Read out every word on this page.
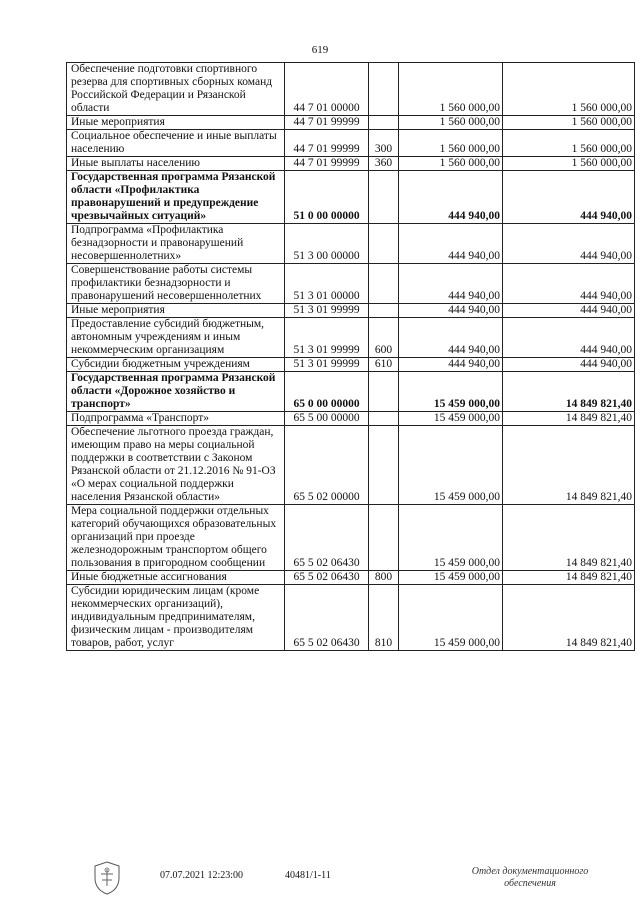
619
Обеспечение подготовки спортивного резерва для спортивных сборных команд Российской Федерации и Рязанской области	44 7 01 00000		1 560 000,00	1 560 000,00
Иные мероприятия	44 7 01 99999		1 560 000,00	1 560 000,00
Социальное обеспечение и иные выплаты населению	44 7 01 99999	300	1 560 000,00	1 560 000,00
Иные выплаты населению	44 7 01 99999	360	1 560 000,00	1 560 000,00
Государственная программа Рязанской области «Профилактика правонарушений и предупреждение чрезвычайных ситуаций»	51 0 00 00000		444 940,00	444 940,00
Подпрограмма «Профилактика безнадзорности и правонарушений несовершеннолетних»	51 3 00 00000		444 940,00	444 940,00
Совершенствование работы системы профилактики безнадзорности и правонарушений несовершеннолетних	51 3 01 00000		444 940,00	444 940,00
Иные мероприятия	51 3 01 99999		444 940,00	444 940,00
Предоставление субсидий бюджетным, автономным учреждениям и иным некоммерческим организациям	51 3 01 99999	600	444 940,00	444 940,00
Субсидии бюджетным учреждениям	51 3 01 99999	610	444 940,00	444 940,00
Государственная программа Рязанской области «Дорожное хозяйство и транспорт»	65 0 00 00000		15 459 000,00	14 849 821,40
Подпрограмма «Транспорт»	65 5 00 00000		15 459 000,00	14 849 821,40
Обеспечение льготного проезда граждан, имеющим право на меры социальной поддержки в соответствии с Законом Рязанской области от 21.12.2016 № 91-ОЗ «О мерах социальной поддержки населения Рязанской области»	65 5 02 00000		15 459 000,00	14 849 821,40
Мера социальной поддержки отдельных категорий обучающихся образовательных организаций при проезде железнодорожным транспортом общего пользования в пригородном сообщении	65 5 02 06430		15 459 000,00	14 849 821,40
Иные бюджетные ассигнования	65 5 02 06430	800	15 459 000,00	14 849 821,40
Субсидии юридическим лицам (кроме некоммерческих организаций), индивидуальным предпринимателям, физическим лицам - производителям товаров, работ, услуг	65 5 02 06430	810	15 459 000,00	14 849 821,40
07.07.2021 12:23:00	40481/1-11	Отдел документационного обеспечения
